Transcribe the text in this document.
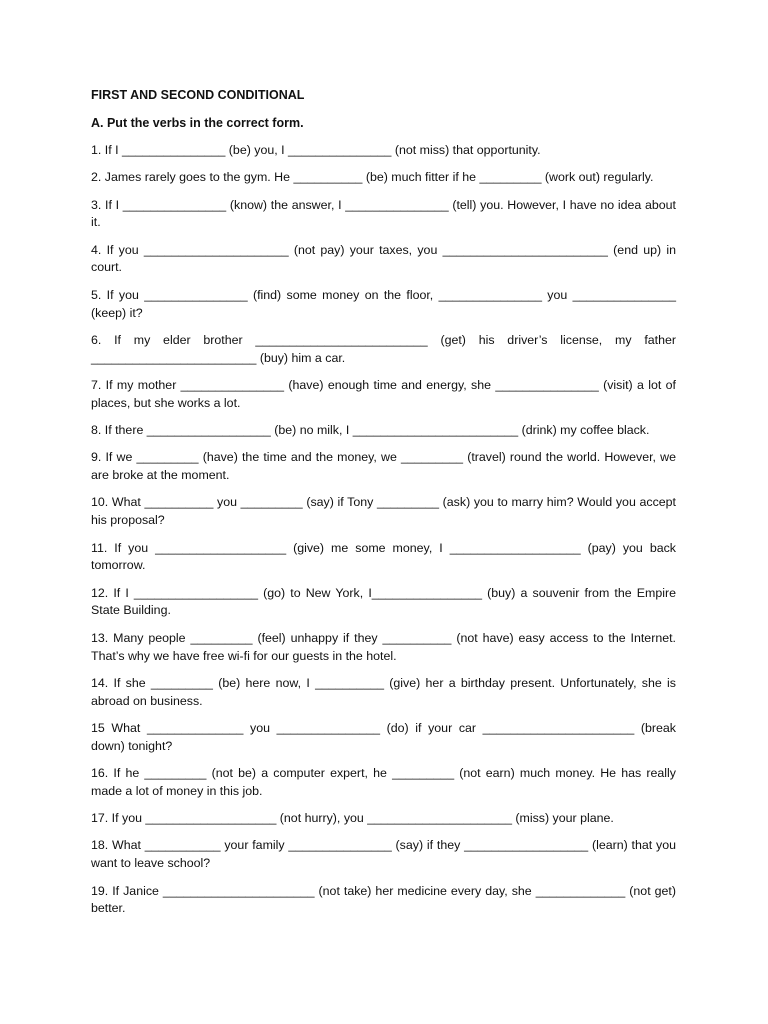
FIRST AND SECOND CONDITIONAL
A. Put the verbs in the correct form.

1. If I _______________ (be) you, I _______________ (not miss) that opportunity.

2. James rarely goes to the gym. He __________ (be) much fitter if he _________ (work out) regularly.

3. If I _______________ (know) the answer, I _______________ (tell) you. However, I have no idea about it.

4. If you _____________________ (not pay) your taxes, you ________________________ (end up) in court.

5. If you _______________ (find) some money on the floor, _______________ you _______________ (keep) it?

6. If my elder brother _________________________ (get) his driver’s license, my father ________________________ (buy) him a car.

7. If my mother _______________ (have) enough time and energy, she _______________ (visit) a lot of places, but she works a lot.

8. If there __________________ (be) no milk, I ________________________ (drink) my coffee black.

9. If we _________ (have) the time and the money, we _________ (travel) round the world. However, we are broke at the moment.

10. What __________ you _________ (say) if Tony _________ (ask) you to marry him? Would you accept his proposal?

11. If you ___________________ (give) me some money, I ___________________ (pay) you back tomorrow.

12. If I __________________ (go) to New York, I________________ (buy) a souvenir from the Empire State Building.

13. Many people _________ (feel) unhappy if they __________ (not have) easy access to the Internet. That’s why we have free wi-fi for our guests in the hotel.

14. If she _________ (be) here now, I __________ (give) her a birthday present. Unfortunately, she is abroad on business.

15 What ______________ you _______________ (do) if your car ______________________ (break down) tonight?

16. If he _________ (not be) a computer expert, he _________ (not earn) much money. He has really made a lot of money in this job.

17. If you ___________________ (not hurry), you _____________________ (miss) your plane.

18. What ___________ your family _______________ (say) if they __________________ (learn) that you want to leave school?

19. If Janice ______________________ (not take) her medicine every day, she _____________ (not get) better.
